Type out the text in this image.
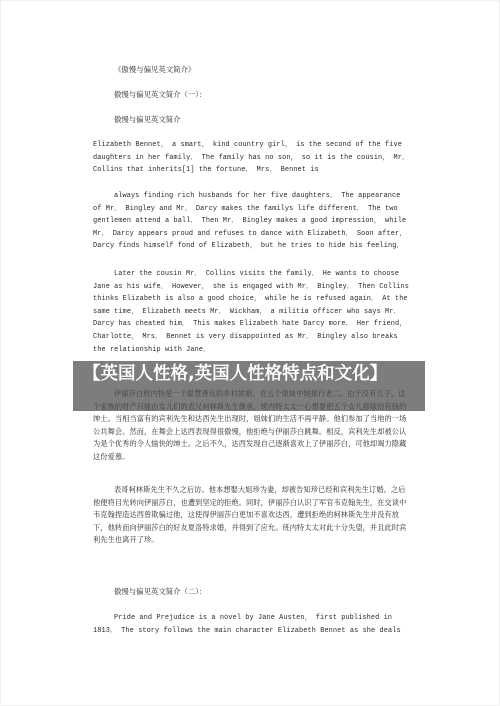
《傲慢与偏见英文简介》
傲慢与偏见英文简介（一）：
傲慢与偏见英文简介
Elizabeth Bennet， a smart， kind country girl， is the second of the five daughters in her family． The family has no son， so it is the cousin， Mr． Collins that inherits[1] the fortune． Mrs． Bennet is
always finding rich husbands for her five daughters． The appearance of Mr． Bingley and Mr． Darcy makes the familys life different． The two gentlemen attend a ball． Then Mr． Bingley makes a good impression， while Mr． Darcy appears proud and refuses to dance with Elizabeth． Soon after， Darcy finds himself fond of Elizabeth， but he tries to hide his feeling．
Later the cousin Mr． Collins visits the family． He wants to choose Jane as his wife． However， she is engaged with Mr． Bingley． Then Collins thinks Elizabeth is also a good choice， while he is refused again． At the same time， Elizabeth meets Mr． Wickham， a militia officer who says Mr． Darcy has cheated him． This makes Elizabeth hate Darcy more． Her friend， Charlotte， Mrs． Bennet is very disappointed as Mr． Bingley also breaks the relationship with Jane．
绅士。当相当富有的宾利先生和达西先生出现时，姐妹们的生活不再平静。他们参加了当地的一场公共舞会。然而，在舞会上达西表现得很傲慢，他拒绝与伊丽莎白跳舞。相反，宾利先生却被公认为是个优秀的令人愉快的绅士。之后不久，达西发现自己逐渐喜欢上了伊丽莎白，可他却竭力隐藏这份爱慕。
表哥柯林斯先生不久之后访。他本想娶大姐珍为妻，却被告知珍已经和宾利先生订婚。之后他便将目光转向伊丽莎白，也遭到坚定的拒绝。同时，伊丽莎白认识了军官韦克翰先生，在交谈中韦克翰捏造达西曾欺骗过他，这使得伊丽莎白更加不喜欢达西，遭到拒绝的柯林斯先生并没有放下，他转而向伊丽莎白的好友夏洛特求婚，并得到了应允。班内特太太对此十分失望，并且此时宾利先生也离开了珍。
傲慢与偏见英文简介（二）：
Pride and Prejudice is a novel by Jane Austen， first published in 1813． The story follows the main character Elizabeth Bennet as she deals
【英国人性格,英国人性格特点和文化】
